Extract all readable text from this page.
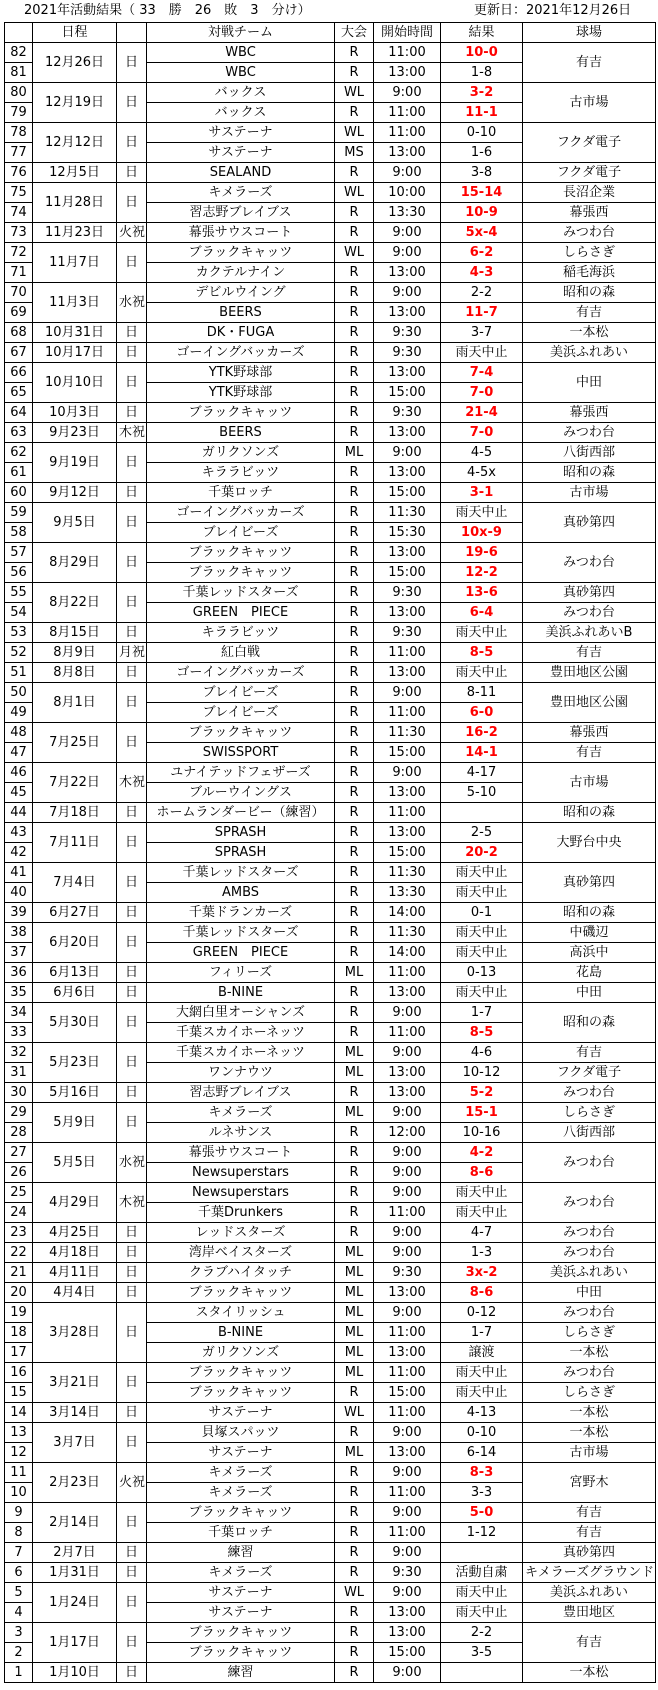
2021年活動結果（ 33　勝　26　敗　3　分け）	更新日：2021年12月26日
	日程		対戦チーム	大会	開始時間	結果	球場
82	12月26日	日	WBC	R	11:00	10-0	有吉
81			WBC	R	13:00	1-8	
80	12月19日	日	バックス	WL	9:00	3-2	古市場
79			バックス	R	11:00	11-1	
78	12月12日	日	サステーナ	WL	11:00	0-10	フクダ電子
77			サステーナ	MS	13:00	1-6	
76	12月5日	日	SEALAND	R	9:00	3-8	フクダ電子
75	11月28日	日	キメラーズ	WL	10:00	15-14	長沼企業
74			習志野ブレイブス	R	13:30	10-9	幕張西
73	11月23日	火祝	幕張サウスコート	R	9:00	5x-4	みつわ台
72	11月7日	日	ブラックキャッツ	WL	9:00	6-2	しらさぎ
71			カクテルナイン	R	13:00	4-3	稲毛海浜
70	11月3日	水祝	デビルウイング	R	9:00	2-2	昭和の森
69			BEERS	R	13:00	11-7	有吉
68	10月31日	日	DK・FUGA	R	9:30	3-7	一本松
67	10月17日	日	ゴーイングバッカーズ	R	9:30	雨天中止	美浜ふれあい
66	10月10日	日	YTK野球部	R	13:00	7-4	中田
65			YTK野球部	R	15:00	7-0	
64	10月3日	日	ブラックキャッツ	R	9:30	21-4	幕張西
63	9月23日	木祝	BEERS	R	13:00	7-0	みつわ台
62	9月19日	日	ガリクソンズ	ML	9:00	4-5	八街西部
61			キララビッツ	R	13:00	4-5x	昭和の森
60	9月12日	日	千葉ロッチ	R	15:00	3-1	古市場
59	9月5日	日	ゴーイングバッカーズ	R	11:30	雨天中止	真砂第四
58			ブレイビーズ	R	15:30	10x-9	
57	8月29日	日	ブラックキャッツ	R	13:00	19-6	みつわ台
56			ブラックキャッツ	R	15:00	12-2	
55	8月22日	日	千葉レッドスターズ	R	9:30	13-6	真砂第四
54			GREEN　PIECE	R	13:00	6-4	みつわ台
53	8月15日	日	キララビッツ	R	9:30	雨天中止	美浜ふれあいB
52	8月9日	月祝	紅白戦	R	11:00	8-5	有吉
51	8月8日	日	ゴーイングバッカーズ	R	13:00	雨天中止	豊田地区公園
50	8月1日	日	ブレイビーズ	R	9:00	8-11	豊田地区公園
49			ブレイビーズ	R	11:00	6-0	
48	7月25日	日	ブラックキャッツ	R	11:30	16-2	幕張西
47			SWISSPORT	R	15:00	14-1	有吉
46	7月22日	木祝	ユナイテッドフェザーズ	R	9:00	4-17	古市場
45			ブルーウイングス	R	13:00	5-10	
44	7月18日	日	ホームランダービー（練習）	R	11:00		昭和の森
43	7月11日	日	SPRASH	R	13:00	2-5	大野台中央
42			SPRASH	R	15:00	20-2	
41	7月4日	日	千葉レッドスターズ	R	11:30	雨天中止	真砂第四
40			AMBS	R	13:30	雨天中止	
39	6月27日	日	千葉ドランカーズ	R	14:00	0-1	昭和の森
38	6月20日	日	千葉レッドスターズ	R	11:30	雨天中止	中磯辺
37			GREEN　PIECE	R	14:00	雨天中止	高浜中
36	6月13日	日	フィリーズ	ML	11:00	0-13	花島
35	6月6日	日	B-NINE	R	13:00	雨天中止	中田
34	5月30日	日	大網白里オーシャンズ	R	9:00	1-7	昭和の森
33			千葉スカイホーネッツ	R	11:00	8-5	
32	5月23日	日	千葉スカイホーネッツ	ML	9:00	4-6	有吉
31			ワンナウツ	ML	13:00	10-12	フクダ電子
30	5月16日	日	習志野ブレイブス	R	13:00	5-2	みつわ台
29	5月9日	日	キメラーズ	ML	9:00	15-1	しらさぎ
28			ルネサンス	R	12:00	10-16	八街西部
27	5月5日	水祝	幕張サウスコート	R	9:00	4-2	みつわ台
26			Newsuperstars	R	9:00	8-6	
25	4月29日	木祝	Newsuperstars	R	9:00	雨天中止	みつわ台
24			千葉Drunkers	R	11:00	雨天中止	
23	4月25日	日	レッドスターズ	R	9:00	4-7	みつわ台
22	4月18日	日	湾岸ベイスターズ	ML	9:00	1-3	みつわ台
21	4月11日	日	クラブハイタッチ	ML	9:30	3x-2	美浜ふれあい
20	4月4日	日	ブラックキャッツ	ML	13:00	8-6	中田
19	3月28日	日	スタイリッシュ	ML	9:00	0-12	みつわ台
18			B-NINE	ML	11:00	1-7	しらさぎ
17			ガリクソンズ	ML	13:00	譲渡	一本松
16	3月21日	日	ブラックキャッツ	ML	11:00	雨天中止	みつわ台
15			ブラックキャッツ	R	15:00	雨天中止	しらさぎ
14	3月14日	日	サステーナ	WL	11:00	4-13	一本松
13	3月7日	日	貝塚スパッツ	R	9:00	0-10	一本松
12			サステーナ	ML	13:00	6-14	古市場
11	2月23日	火祝	キメラーズ	R	9:00	8-3	宮野木
10			キメラーズ	R	11:00	3-3	
9	2月14日	日	ブラックキャッツ	R	9:00	5-0	有吉
8			千葉ロッチ	R	11:00	1-12	有吉
7	2月7日	日	練習	R	9:00		真砂第四
6	1月31日	日	キメラーズ	R	9:30	活動自粛	キメラーズグラウンド
5	1月24日	日	サステーナ	WL	9:00	雨天中止	美浜ふれあい
4			サステーナ	R	13:00	雨天中止	豊田地区
3	1月17日	日	ブラックキャッツ	R	13:00	2-2	有吉
2			ブラックキャッツ	R	15:00	3-5	
1	1月10日	日	練習	R	9:00		一本松
